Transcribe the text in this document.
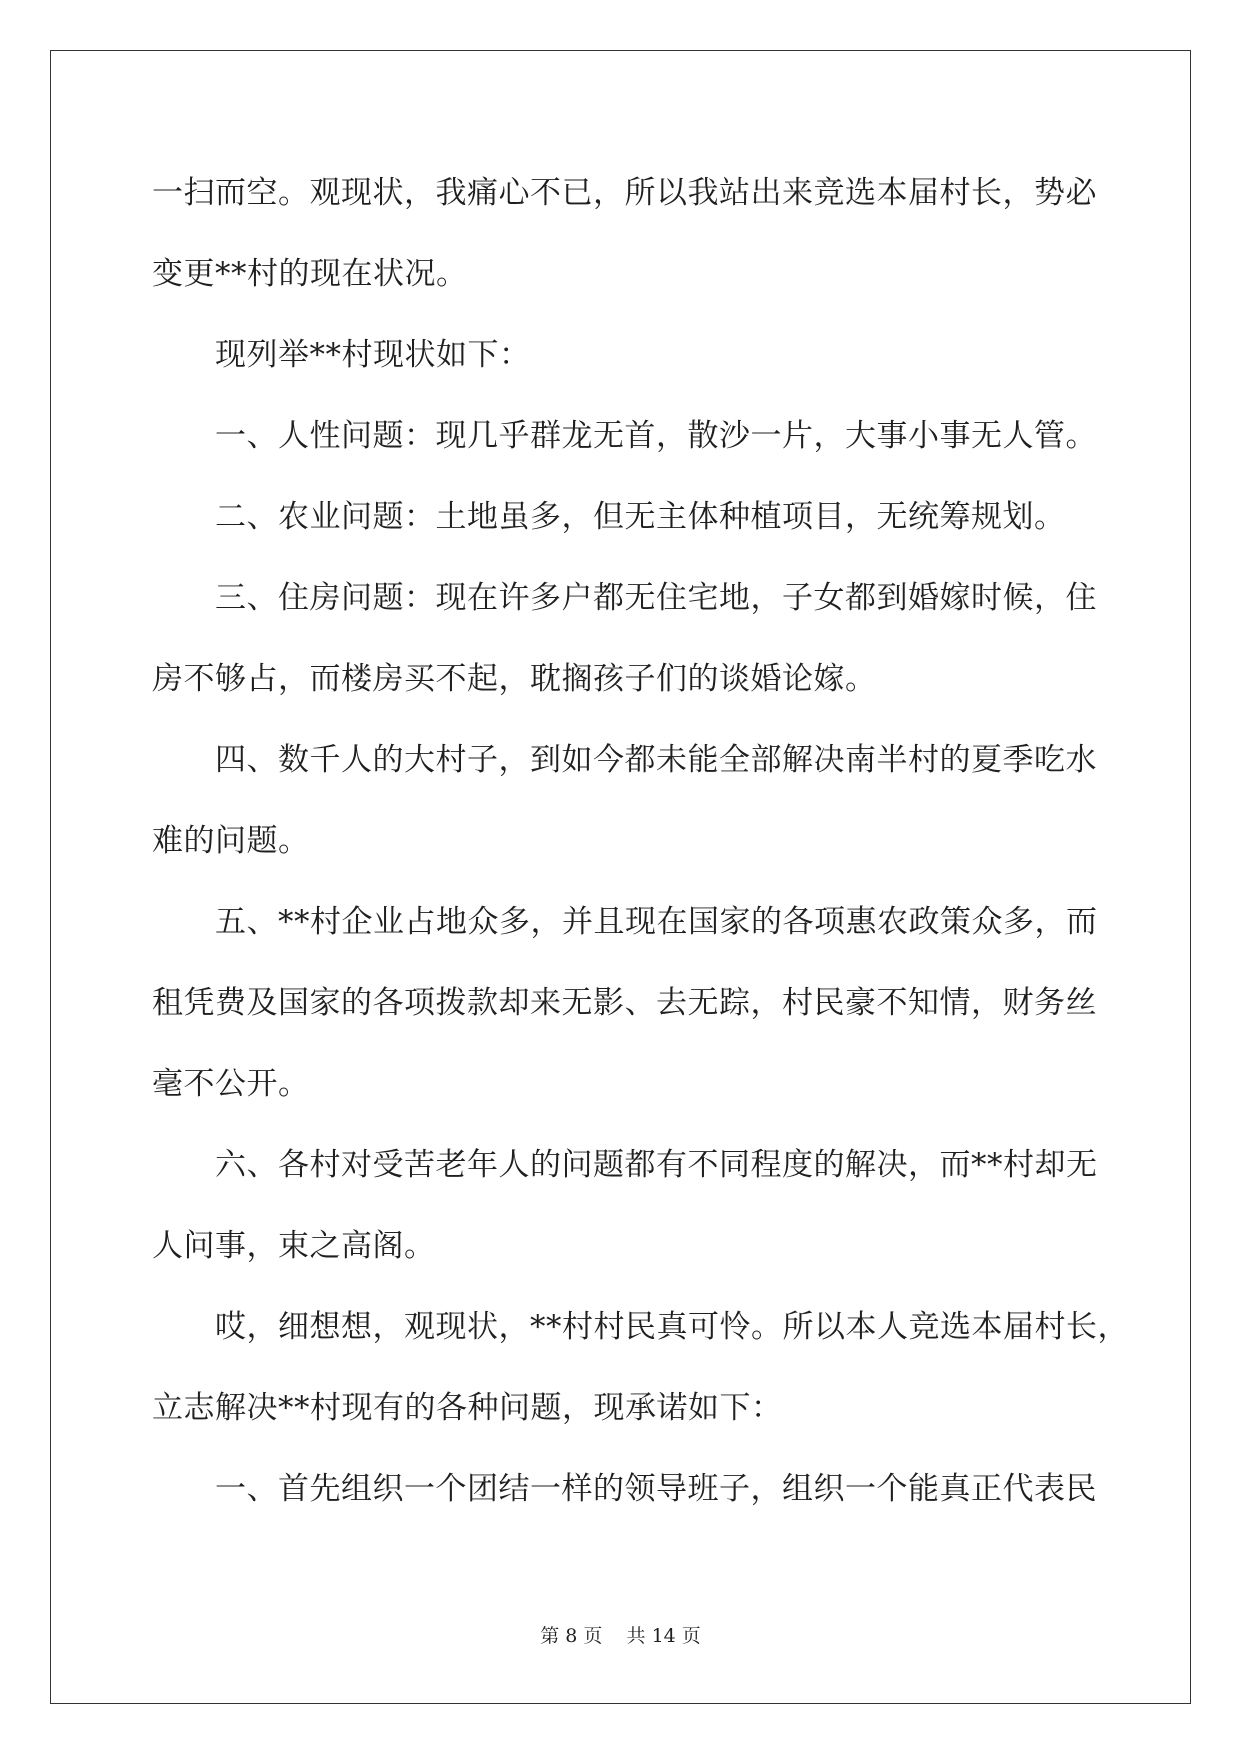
一扫而空。观现状，我痛心不已，所以我站出来竞选本届村长，势必
变更**村的现在状况。
现列举**村现状如下：
一、人性问题：现几乎群龙无首，散沙一片，大事小事无人管。
二、农业问题：土地虽多，但无主体种植项目，无统筹规划。
三、住房问题：现在许多户都无住宅地，子女都到婚嫁时候，住
房不够占，而楼房买不起，耽搁孩子们的谈婚论嫁。
四、数千人的大村子，到如今都未能全部解决南半村的夏季吃水
难的问题。
五、**村企业占地众多，并且现在国家的各项惠农政策众多，而
租凭费及国家的各项拨款却来无影、去无踪，村民豪不知情，财务丝
毫不公开。
六、各村对受苦老年人的问题都有不同程度的解决，而**村却无
人问事，束之高阁。
哎，细想想，观现状，**村村民真可怜。所以本人竞选本届村长，
立志解决**村现有的各种问题，现承诺如下：
一、首先组织一个团结一样的领导班子，组织一个能真正代表民
第 8 页 共 14 页
